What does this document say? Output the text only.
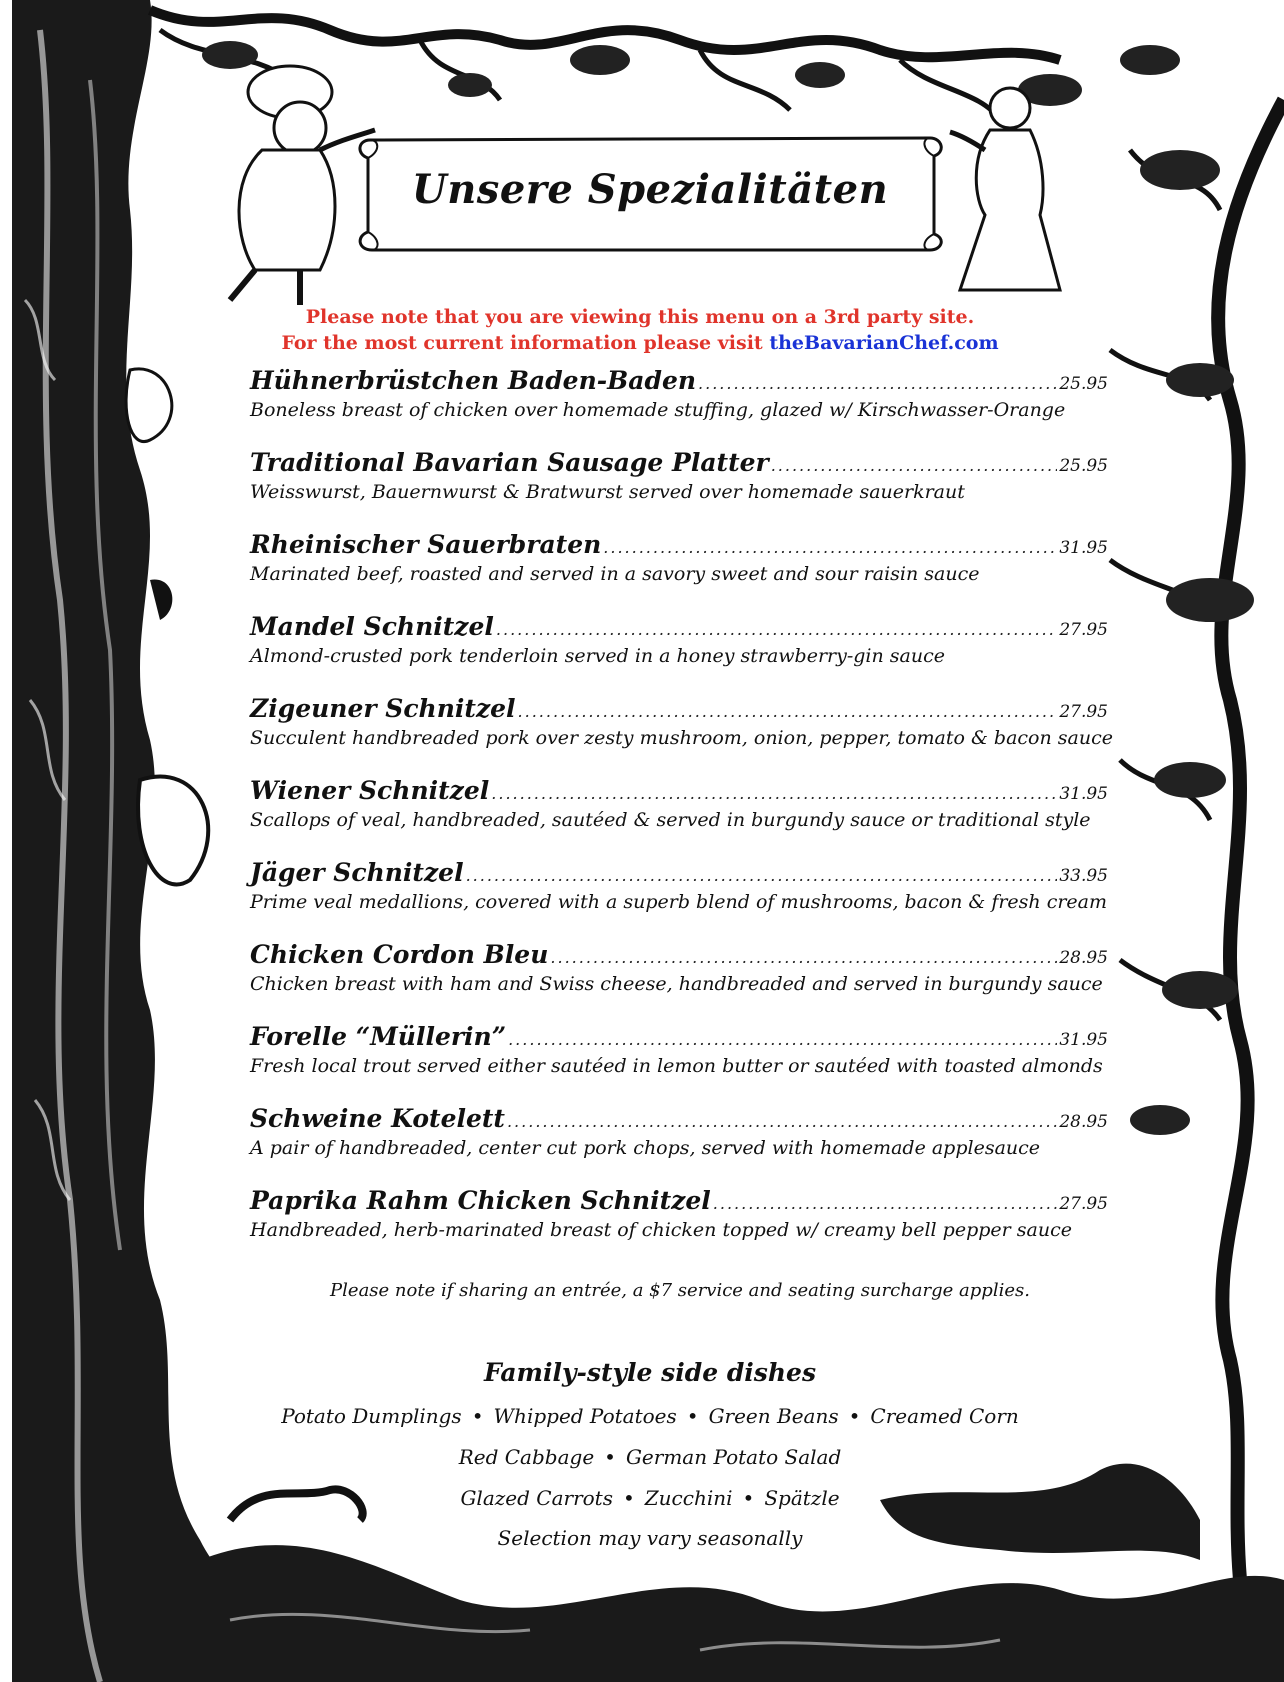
Unsere Spezialitäten
Please note that you are viewing this menu on a 3rd party site.
For the most current information please visit theBavarianChef.com
Hühnerbrüstchen Baden-Baden .....	25.95
Boneless breast of chicken over homemade stuffing, glazed w/ Kirschwasser-Orange
Traditional Bavarian Sausage Platter .....	25.95
Weisswurst, Bauernwurst & Bratwurst served over homemade sauerkraut
Rheinischer Sauerbraten .....	31.95
Marinated beef, roasted and served in a savory sweet and sour raisin sauce
Mandel Schnitzel .....	27.95
Almond-crusted pork tenderloin served in a honey strawberry-gin sauce
Zigeuner Schnitzel .....	27.95
Succulent handbreaded pork over zesty mushroom, onion, pepper, tomato & bacon sauce
Wiener Schnitzel .....	31.95
Scallops of veal, handbreaded, sautéed & served in burgundy sauce or traditional style
Jäger Schnitzel .....	33.95
Prime veal medallions, covered with a superb blend of mushrooms, bacon & fresh cream
Chicken Cordon Bleu .....	28.95
Chicken breast with ham and Swiss cheese, handbreaded and served in burgundy sauce
Forelle “Müllerin” .....	31.95
Fresh local trout served either sautéed in lemon butter or sautéed with toasted almonds
Schweine Kotelett .....	28.95
A pair of handbreaded, center cut pork chops, served with homemade applesauce
Paprika Rahm Chicken Schnitzel .....	27.95
Handbreaded, herb-marinated breast of chicken topped w/ creamy bell pepper sauce
Please note if sharing an entrée, a $7 service and seating surcharge applies.
Family-style side dishes
Potato Dumplings • Whipped Potatoes • Green Beans • Creamed Corn
Red Cabbage • German Potato Salad
Glazed Carrots • Zucchini • Spätzle
Selection may vary seasonally
